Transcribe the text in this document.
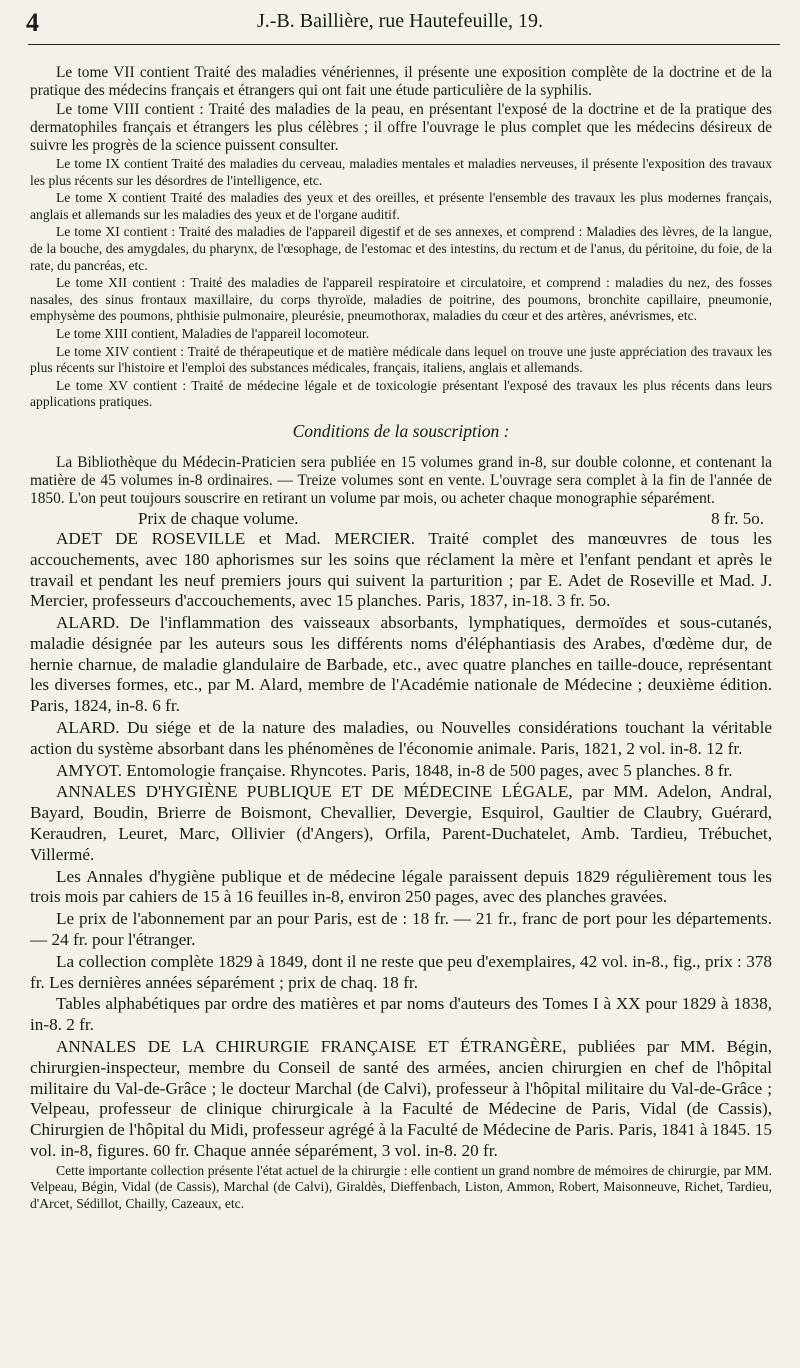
4	J.-B. Baillière, rue Hautefeuille, 19.

Le tome VII contient Traité des maladies vénériennes, il présente une exposition complète de la doctrine et de la pratique des médecins français et étrangers qui ont fait une étude particulière de la syphilis.

Le tome VIII contient : Traité des maladies de la peau, en présentant l'exposé de la doctrine et de la pratique des dermatophiles français et étrangers les plus célèbres ; il offre l'ouvrage le plus complet que les médecins désireux de suivre les progrès de la science puissent consulter.

Le tome IX contient Traité des maladies du cerveau, maladies mentales et maladies nerveuses, il présente l'exposition des travaux les plus récents sur les désordres de l'intelligence, etc.

Le tome X contient Traité des maladies des yeux et des oreilles, et présente l'ensemble des travaux les plus modernes français, anglais et allemands sur les maladies des yeux et de l'organe auditif.

Le tome XI contient : Traité des maladies de l'appareil digestif et de ses annexes, et comprend : Maladies des lèvres, de la langue, de la bouche, des amygdales, du pharynx, de l'œsophage, de l'estomac et des intestins, du rectum et de l'anus, du péritoine, du foie, de la rate, du pancréas, etc.

Le tome XII contient : Traité des maladies de l'appareil respiratoire et circulatoire, et comprend : maladies du nez, des fosses nasales, des sinus frontaux maxillaire, du corps thyroïde, maladies de poitrine, des poumons, bronchite capillaire, pneumonie, emphysème des poumons, phthisie pulmonaire, pleurésie, pneumothorax, maladies du cœur et des artères, anévrismes, etc.

Le tome XIII contient, Maladies de l'appareil locomoteur.

Le tome XIV contient : Traité de thérapeutique et de matière médicale dans lequel on trouve une juste appréciation des travaux les plus récents sur l'histoire et l'emploi des substances médicales, français, italiens, anglais et allemands.

Le tome XV contient : Traité de médecine légale et de toxicologie présentant l'exposé des travaux les plus récents dans leurs applications pratiques.

Conditions de la souscription :

La Bibliothèque du Médecin-Praticien sera publiée en 15 volumes grand in-8, sur double colonne, et contenant la matière de 45 volumes in-8 ordinaires. — Treize volumes sont en vente. L'ouvrage sera complet à la fin de l'année de 1850. L'on peut toujours souscrire en retirant un volume par mois, ou acheter chaque monographie séparément.

Prix de chaque volume.	8 fr. 5o.

ADET DE ROSEVILLE et Mad. MERCIER. Traité complet des manœuvres de tous les accouchements, avec 180 aphorismes sur les soins que réclament la mère et l'enfant pendant et après le travail et pendant les neuf premiers jours qui suivent la parturition ; par E. Adet de Roseville et Mad. J. Mercier, professeurs d'accouchements, avec 15 planches. Paris, 1837, in-18. 3 fr. 5o.

ALARD. De l'inflammation des vaisseaux absorbants, lymphatiques, dermoïdes et sous-cutanés, maladie désignée par les auteurs sous les différents noms d'éléphantiasis des Arabes, d'œdème dur, de hernie charnue, de maladie glandulaire de Barbade, etc., avec quatre planches en taille-douce, représentant les diverses formes, etc., par M. Alard, membre de l'Académie nationale de Médecine ; deuxième édition. Paris, 1824, in-8. 6 fr.

ALARD. Du siége et de la nature des maladies, ou Nouvelles considérations touchant la véritable action du système absorbant dans les phénomènes de l'économie animale. Paris, 1821, 2 vol. in-8. 12 fr.

AMYOT. Entomologie française. Rhyncotes. Paris, 1848, in-8 de 500 pages, avec 5 planches. 8 fr.

ANNALES D'HYGIÈNE PUBLIQUE ET DE MÉDECINE LÉGALE, par MM. Adelon, Andral, Bayard, Boudin, Brierre de Boismont, Chevallier, Devergie, Esquirol, Gaultier de Claubry, Guérard, Keraudren, Leuret, Marc, Ollivier (d'Angers), Orfila, Parent-Duchatelet, Amb. Tardieu, Trébuchet, Villermé.

Les Annales d'hygiène publique et de médecine légale paraissent depuis 1829 régulièrement tous les trois mois par cahiers de 15 à 16 feuilles in-8, environ 250 pages, avec des planches gravées.

Le prix de l'abonnement par an pour Paris, est de : 18 fr. — 21 fr., franc de port pour les départements. — 24 fr. pour l'étranger.

La collection complète 1829 à 1849, dont il ne reste que peu d'exemplaires, 42 vol. in-8., fig., prix : 378 fr. Les dernières années séparément ; prix de chaq. 18 fr.

Tables alphabétiques par ordre des matières et par noms d'auteurs des Tomes I à XX pour 1829 à 1838, in-8. 2 fr.

ANNALES DE LA CHIRURGIE FRANÇAISE ET ÉTRANGÈRE, publiées par MM. Bégin, chirurgien-inspecteur, membre du Conseil de santé des armées, ancien chirurgien en chef de l'hôpital militaire du Val-de-Grâce ; le docteur Marchal (de Calvi), professeur à l'hôpital militaire du Val-de-Grâce ; Velpeau, professeur de clinique chirurgicale à la Faculté de Médecine de Paris, Vidal (de Cassis), Chirurgien de l'hôpital du Midi, professeur agrégé à la Faculté de Médecine de Paris. Paris, 1841 à 1845. 15 vol. in-8, figures. 60 fr. Chaque année séparément, 3 vol. in-8. 20 fr.

Cette importante collection présente l'état actuel de la chirurgie : elle contient un grand nombre de mémoires de chirurgie, par MM. Velpeau, Bégin, Vidal (de Cassis), Marchal (de Calvi), Giraldès, Dieffenbach, Liston, Ammon, Robert, Maisonneuve, Richet, Tardieu, d'Arcet, Sédillot, Chailly, Cazeaux, etc.
